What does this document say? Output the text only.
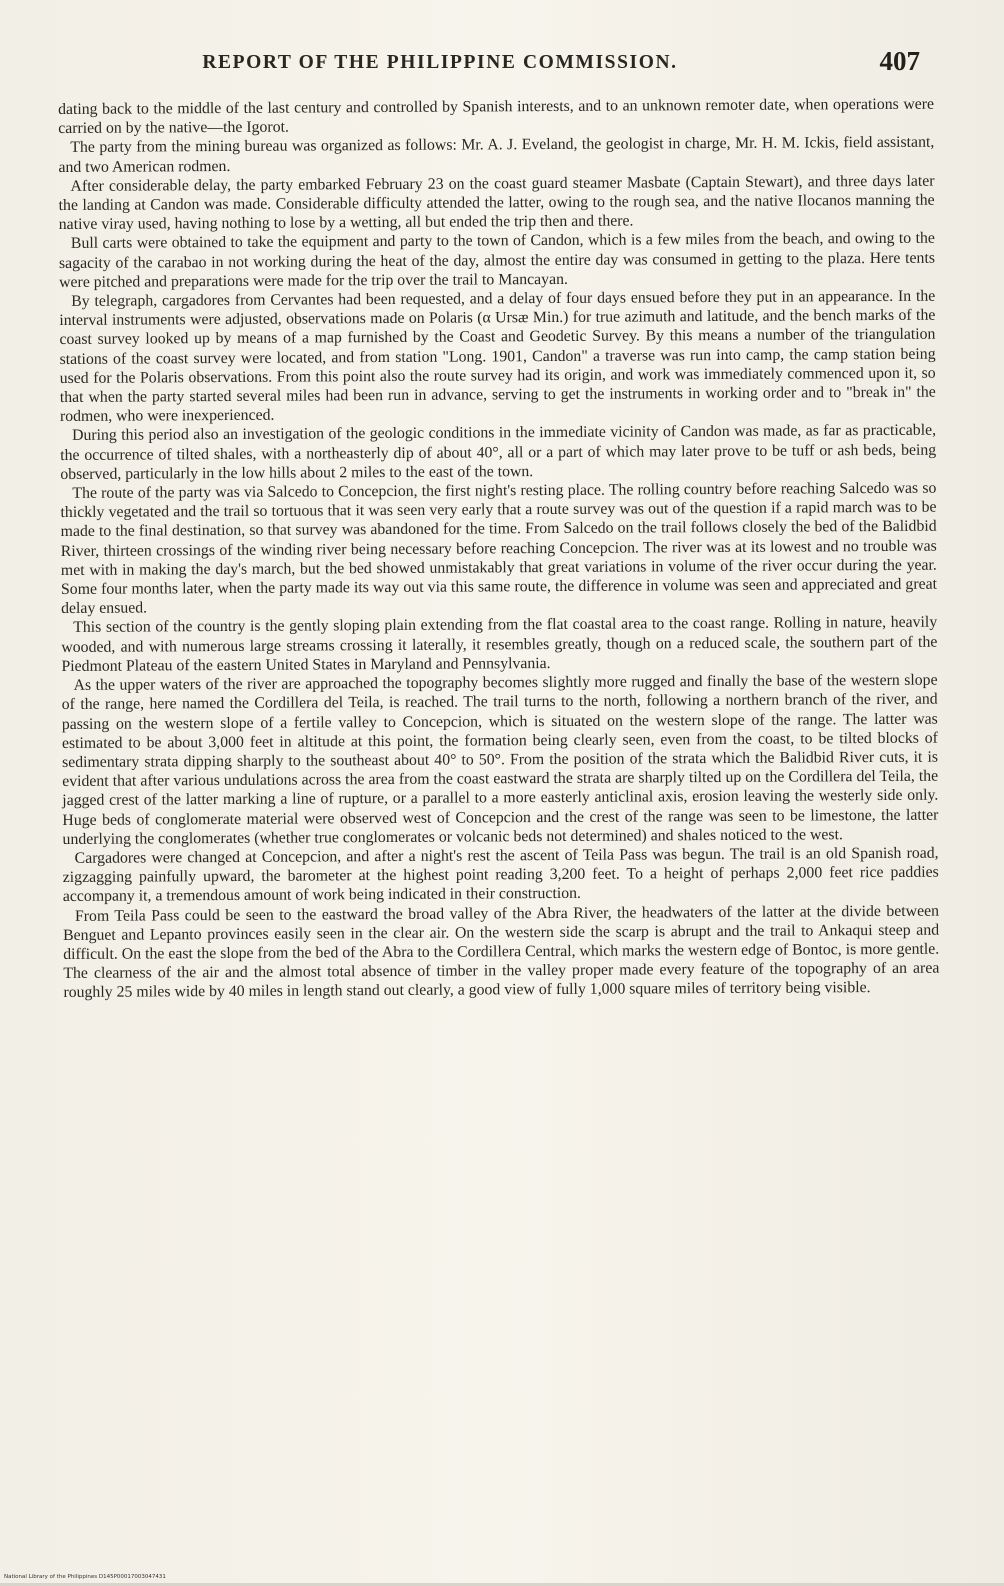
REPORT OF THE PHILIPPINE COMMISSION.	407

dating back to the middle of the last century and controlled by Spanish interests, and to an unknown remoter date, when operations were carried on by the native—the Igorot.

The party from the mining bureau was organized as follows: Mr. A. J. Eveland, the geologist in charge, Mr. H. M. Ickis, field assistant, and two American rodmen.

After considerable delay, the party embarked February 23 on the coast guard steamer Masbate (Captain Stewart), and three days later the landing at Candon was made. Considerable difficulty attended the latter, owing to the rough sea, and the native Ilocanos manning the native viray used, having nothing to lose by a wetting, all but ended the trip then and there.

Bull carts were obtained to take the equipment and party to the town of Candon, which is a few miles from the beach, and owing to the sagacity of the carabao in not working during the heat of the day, almost the entire day was consumed in getting to the plaza. Here tents were pitched and preparations were made for the trip over the trail to Mancayan.

By telegraph, cargadores from Cervantes had been requested, and a delay of four days ensued before they put in an appearance. In the interval instruments were adjusted, observations made on Polaris (α Ursæ Min.) for true azimuth and latitude, and the bench marks of the coast survey looked up by means of a map furnished by the Coast and Geodetic Survey. By this means a number of the triangulation stations of the coast survey were located, and from station "Long. 1901, Candon" a traverse was run into camp, the camp station being used for the Polaris observations. From this point also the route survey had its origin, and work was immediately commenced upon it, so that when the party started several miles had been run in advance, serving to get the instruments in working order and to "break in" the rodmen, who were inexperienced.

During this period also an investigation of the geologic conditions in the immediate vicinity of Candon was made, as far as practicable, the occurrence of tilted shales, with a northeasterly dip of about 40°, all or a part of which may later prove to be tuff or ash beds, being observed, particularly in the low hills about 2 miles to the east of the town.

The route of the party was via Salcedo to Concepcion, the first night's resting place. The rolling country before reaching Salcedo was so thickly vegetated and the trail so tortuous that it was seen very early that a route survey was out of the question if a rapid march was to be made to the final destination, so that survey was abandoned for the time. From Salcedo on the trail follows closely the bed of the Balidbid River, thirteen crossings of the winding river being necessary before reaching Concepcion. The river was at its lowest and no trouble was met with in making the day's march, but the bed showed unmistakably that great variations in volume of the river occur during the year. Some four months later, when the party made its way out via this same route, the difference in volume was seen and appreciated and great delay ensued.

This section of the country is the gently sloping plain extending from the flat coastal area to the coast range. Rolling in nature, heavily wooded, and with numerous large streams crossing it laterally, it resembles greatly, though on a reduced scale, the southern part of the Piedmont Plateau of the eastern United States in Maryland and Pennsylvania.

As the upper waters of the river are approached the topography becomes slightly more rugged and finally the base of the western slope of the range, here named the Cordillera del Teila, is reached. The trail turns to the north, following a northern branch of the river, and passing on the western slope of a fertile valley to Concepcion, which is situated on the western slope of the range. The latter was estimated to be about 3,000 feet in altitude at this point, the formation being clearly seen, even from the coast, to be tilted blocks of sedimentary strata dipping sharply to the southeast about 40° to 50°. From the position of the strata which the Balidbid River cuts, it is evident that after various undulations across the area from the coast eastward the strata are sharply tilted up on the Cordillera del Teila, the jagged crest of the latter marking a line of rupture, or a parallel to a more easterly anticlinal axis, erosion leaving the westerly side only. Huge beds of conglomerate material were observed west of Concepcion and the crest of the range was seen to be limestone, the latter underlying the conglomerates (whether true conglomerates or volcanic beds not determined) and shales noticed to the west.

Cargadores were changed at Concepcion, and after a night's rest the ascent of Teila Pass was begun. The trail is an old Spanish road, zigzagging painfully upward, the barometer at the highest point reading 3,200 feet. To a height of perhaps 2,000 feet rice paddies accompany it, a tremendous amount of work being indicated in their construction.

From Teila Pass could be seen to the eastward the broad valley of the Abra River, the headwaters of the latter at the divide between Benguet and Lepanto provinces easily seen in the clear air. On the western side the scarp is abrupt and the trail to Ankaqui steep and difficult. On the east the slope from the bed of the Abra to the Cordillera Central, which marks the western edge of Bontoc, is more gentle. The clearness of the air and the almost total absence of timber in the valley proper made every feature of the topography of an area roughly 25 miles wide by 40 miles in length stand out clearly, a good view of fully 1,000 square miles of territory being visible.

National Library of the Philippines D145P00017003047431
